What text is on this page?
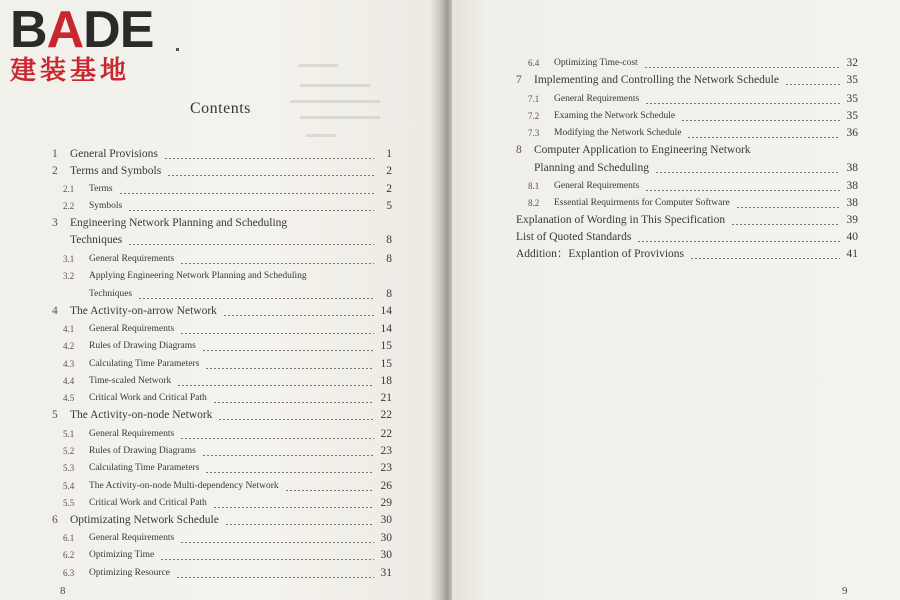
BADE
建装基地
Contents
1	General Provisions	1
2	Terms and Symbols	2
2.1	Terms	2
2.2	Symbols	5
3	Engineering Network Planning and Scheduling
Techniques	8
3.1	General Requirements	8
3.2	Applying Engineering Network Planning and Scheduling
Techniques	8
4	The Activity-on-arrow Network	14
4.1	General Requirements	14
4.2	Rules of Drawing Diagrams	15
4.3	Calculating Time Parameters	15
4.4	Time-scaled Network	18
4.5	Critical Work and Critical Path	21
5	The Activity-on-node Network	22
5.1	General Requirements	22
5.2	Rules of Drawing Diagrams	23
5.3	Calculating Time Parameters	23
5.4	The Activity-on-node Multi-dependency Network	26
5.5	Critical Work and Critical Path	29
6	Optimizating Network Schedule	30
6.1	General Requirements	30
6.2	Optimizing Time	30
6.3	Optimizing Resource	31
8
6.4	Optimizing Time-cost	32
7	Implementing and Controlling the Network Schedule	35
7.1	General Requirements	35
7.2	Examing the Network Schedule	35
7.3	Modifying the Network Schedule	36
8	Computer Application to Engineering Network
Planning and Scheduling	38
8.1	General Requirements	38
8.2	Essential Requirments for Computer Software	38
Explanation of Wording in This Specification	39
List of Quoted Standards	40
Addition：Explantion of Provivions	41
9
